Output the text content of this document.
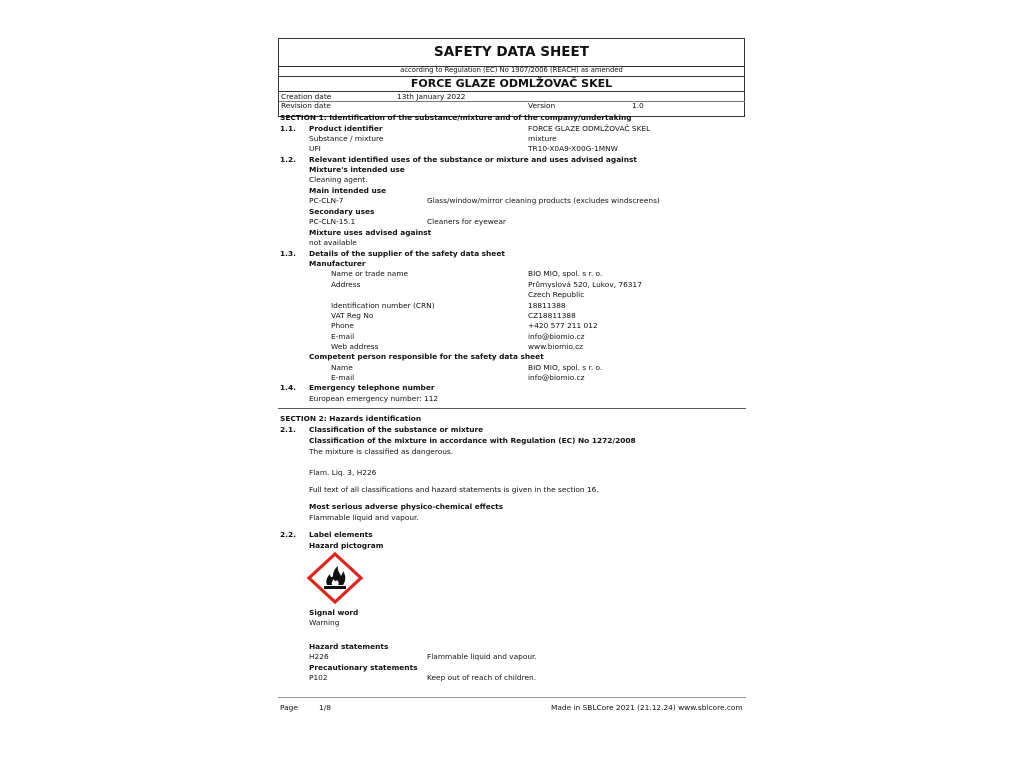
SAFETY DATA SHEET
according to Regulation (EC) No 1907/2006 (REACH) as amended
FORCE GLAZE ODMLŽOVAČ SKEL
Creation date	13th January 2022
Revision date	Version	1.0
SECTION 1: Identification of the substance/mixture and of the company/undertaking
1.1. Product identifier	FORCE GLAZE ODMLŽOVAČ SKEL
Substance / mixture	mixture
UFI	TR10-X0A9-X00G-1MNW
1.2. Relevant identified uses of the substance or mixture and uses advised against
Mixture's intended use
Cleaning agent.
Main intended use
PC-CLN-7	Glass/window/mirror cleaning products (excludes windscreens)
Secondary uses
PC-CLN-15.1	Cleaners for eyewear
Mixture uses advised against
not available
1.3. Details of the supplier of the safety data sheet
Manufacturer
Name or trade name	BIO MIO, spol. s r. o.
Address	Průmyslová 520, Lukov, 76317
Czech Republic
Identification number (CRN)	18811388
VAT Reg No	CZ18811388
Phone	+420 577 211 012
E-mail	info@biomio.cz
Web address	www.biomio.cz
Competent person responsible for the safety data sheet
Name	BIO MIO, spol. s r. o.
E-mail	info@biomio.cz
1.4. Emergency telephone number
European emergency number: 112
SECTION 2: Hazards identification
2.1. Classification of the substance or mixture
Classification of the mixture in accordance with Regulation (EC) No 1272/2008
The mixture is classified as dangerous.
Flam. Liq. 3, H226
Full text of all classifications and hazard statements is given in the section 16.
Most serious adverse physico-chemical effects
Flammable liquid and vapour.
2.2. Label elements
Hazard pictogram
Signal word
Warning
Hazard statements
H226	Flammable liquid and vapour.
Precautionary statements
P102	Keep out of reach of children.
Page	1/8	Made in SBLCore 2021 (21.12.24) www.sblcore.com
